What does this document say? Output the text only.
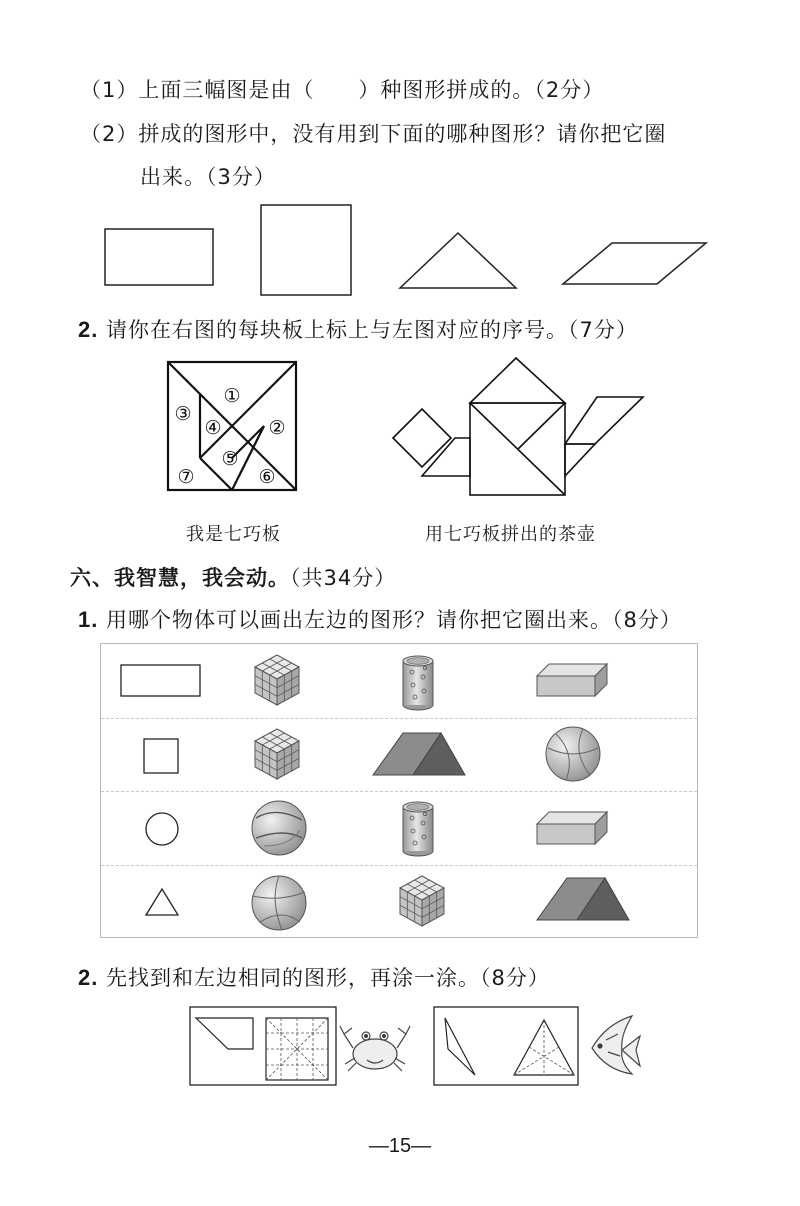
（1）上面三幅图是由（　　）种图形拼成的。（2分）
（2）拼成的图形中，没有用到下面的哪种图形？请你把它圈
出来。（3分）
2. 请你在右图的每块板上标上与左图对应的序号。（7分）
我是七巧板	用七巧板拼出的茶壶
六、我智慧，我会动。（共34分）
1. 用哪个物体可以画出左边的图形？请你把它圈出来。（8分）
2. 先找到和左边相同的图形，再涂一涂。（8分）
①
②
③
④
⑤
⑥
⑦
—15—
